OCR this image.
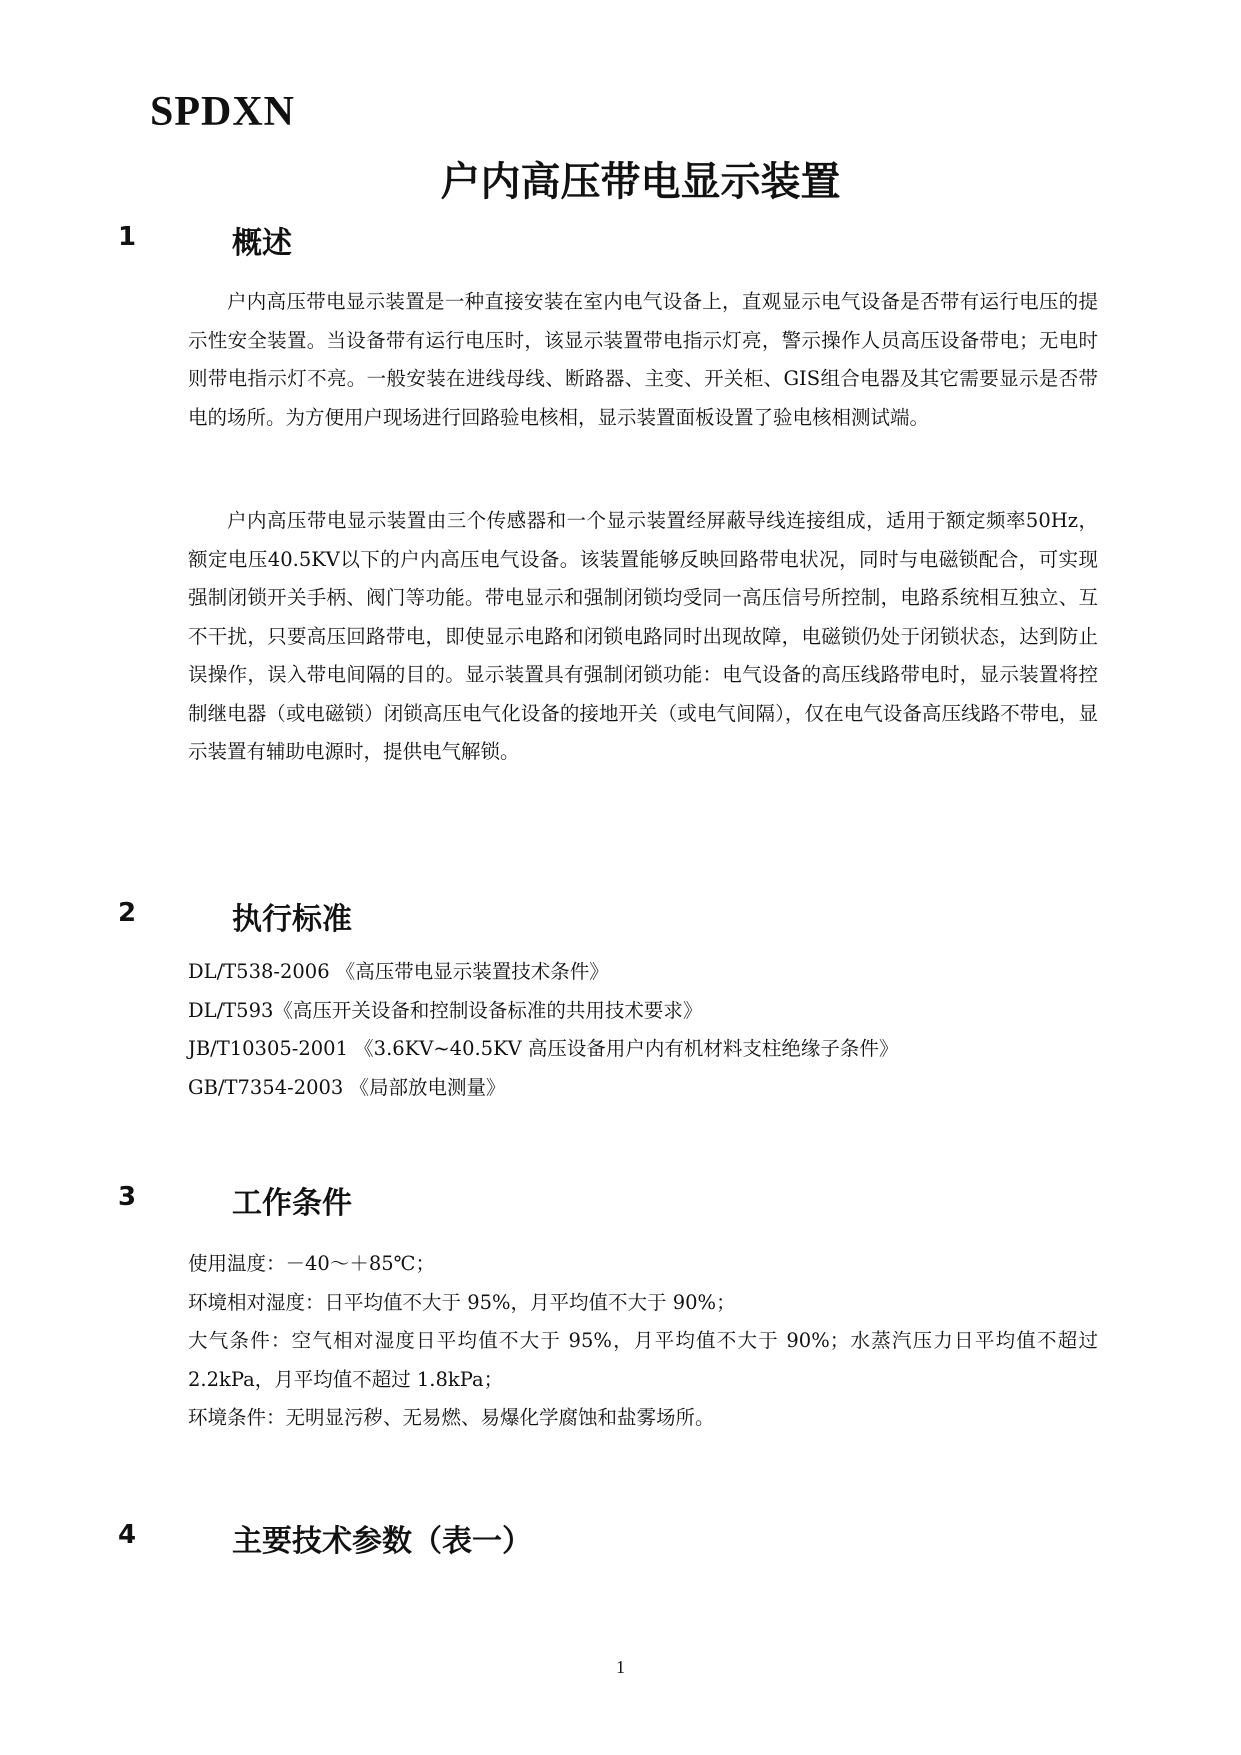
SPDXN
户内高压带电显示装置
1	概述

户内高压带电显示装置是一种直接安装在室内电气设备上，直观显示电气设备是否带有运行电压的提示性安全装置。当设备带有运行电压时，该显示装置带电指示灯亮，警示操作人员高压设备带电；无电时则带电指示灯不亮。一般安装在进线母线、断路器、主变、开关柜、GIS组合电器及其它需要显示是否带电的场所。为方便用户现场进行回路验电核相，显示装置面板设置了验电核相测试端。

户内高压带电显示装置由三个传感器和一个显示装置经屏蔽导线连接组成，适用于额定频率50Hz，额定电压40.5KV以下的户内高压电气设备。该装置能够反映回路带电状况，同时与电磁锁配合，可实现强制闭锁开关手柄、阀门等功能。带电显示和强制闭锁均受同一高压信号所控制，电路系统相互独立、互不干扰，只要高压回路带电，即使显示电路和闭锁电路同时出现故障，电磁锁仍处于闭锁状态，达到防止误操作，误入带电间隔的目的。显示装置具有强制闭锁功能：电气设备的高压线路带电时，显示装置将控制继电器（或电磁锁）闭锁高压电气化设备的接地开关（或电气间隔），仅在电气设备高压线路不带电，显示装置有辅助电源时，提供电气解锁。

2	执行标准
DL/T538-2006 《高压带电显示装置技术条件》
DL/T593《高压开关设备和控制设备标准的共用技术要求》
JB/T10305-2001 《3.6KV~40.5KV 高压设备用户内有机材料支柱绝缘子条件》
GB/T7354-2003 《局部放电测量》
3	工作条件
使用温度：－40～＋85℃；
环境相对湿度：日平均值不大于 95%，月平均值不大于 90%；
大气条件：空气相对湿度日平均值不大于 95%，月平均值不大于 90%；水蒸汽压力日平均值不超过 2.2kPa，月平均值不超过 1.8kPa；
环境条件：无明显污秽、无易燃、易爆化学腐蚀和盐雾场所。
4	主要技术参数（表一）
1
